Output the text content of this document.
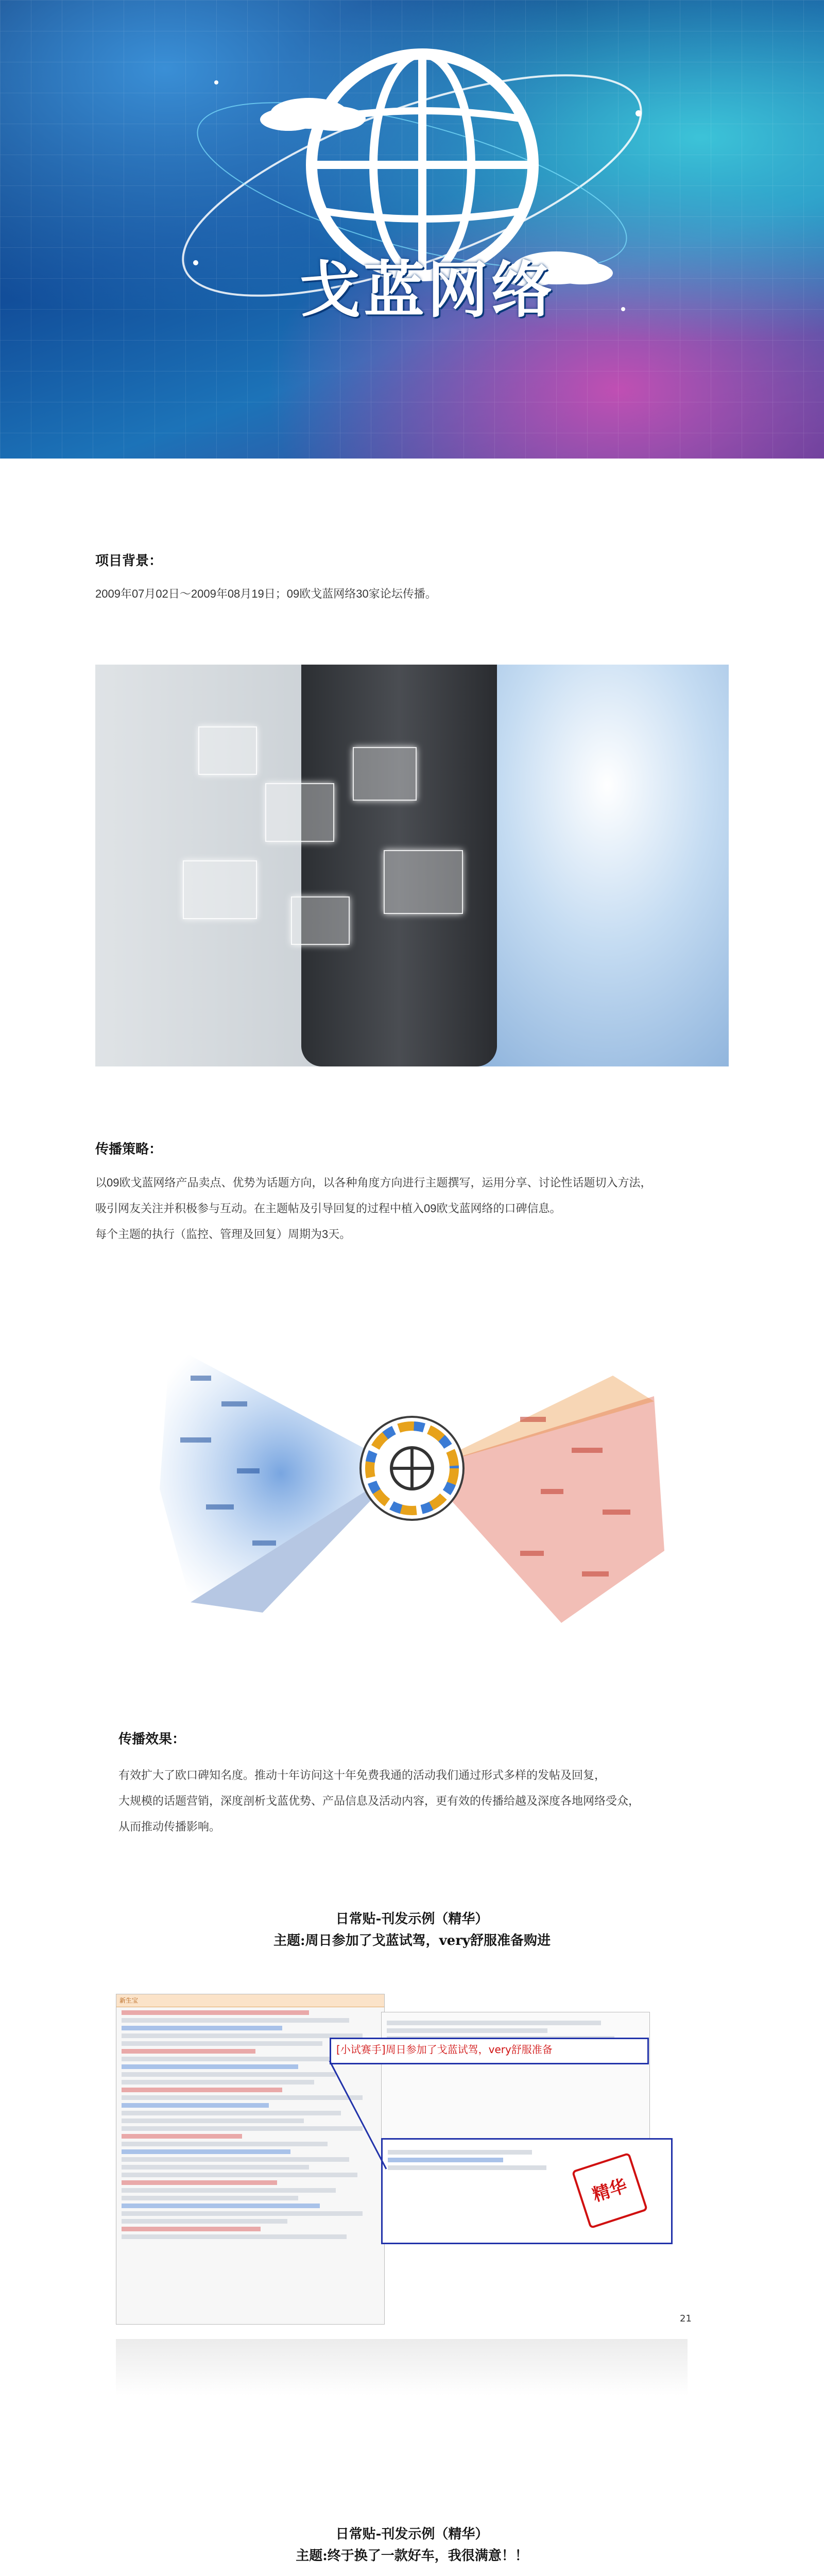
戈蓝网络
项目背景：
2009年07月02日～2009年08月19日；09欧戈蓝网络30家论坛传播。
传播策略：

以09欧戈蓝网络产品卖点、优势为话题方向，以各种角度方向进行主题撰写，运用分享、讨论性话题切入方法，

吸引网友关注并积极参与互动。在主题帖及引导回复的过程中植入09欧戈蓝网络的口碑信息。

每个主题的执行（监控、管理及回复）周期为3天。

传播效果：

有效扩大了欧口碑知名度。推动十年访问这十年免费我通的活动我们通过形式多样的发帖及回复，

大规模的话题营销，深度剖析戈蓝优势、产品信息及活动内容，更有效的传播给越及深度各地网络受众，

从而推动传播影响。

日常贴-刊发示例（精华）
主题:周日参加了戈蓝试驾，very舒服准备购进
新生宝
[小试赛手]周日参加了戈蓝试驾，very舒服准备
精华
21
日常贴-刊发示例（精华）
主题:终于换了一款好车，我很满意！！
